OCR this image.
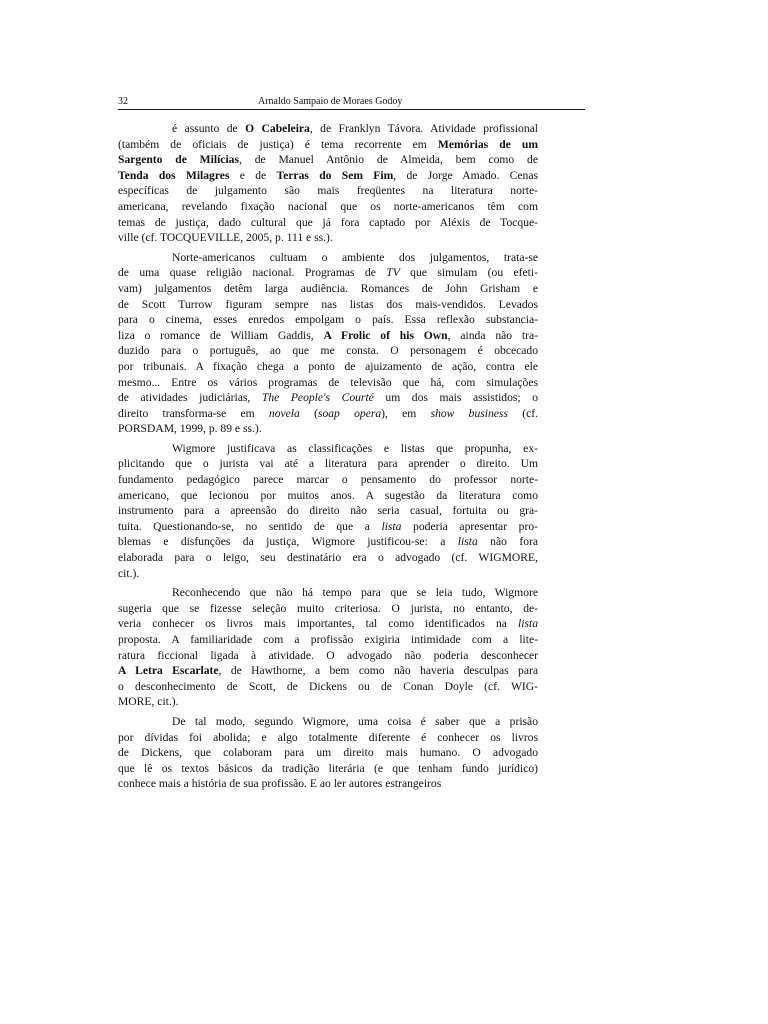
32	Arnaldo Sampaio de Moraes Godoy
é assunto de O Cabeleira, de Franklyn Távora. Atividade profissional
(também de oficiais de justiça) é tema recorrente em Memórias de um
Sargento de Milícias, de Manuel Antônio de Almeida, bem como de
Tenda dos Milagres e de Terras do Sem Fim, de Jorge Amado. Cenas
específicas de julgamento são mais freqüentes na literatura norte-
americana, revelando fixação nacional que os norte-americanos têm com
temas de justiça, dado cultural que já fora captado por Aléxis de Tocque-
ville (cf. TOCQUEVILLE, 2005, p. 111 e ss.).
Norte-americanos cultuam o ambiente dos julgamentos, trata-se
de uma quase religião nacional. Programas de TV que simulam (ou efeti-
vam) julgamentos detêm larga audiência. Romances de John Grisham e
de Scott Turrow figuram sempre nas listas dos mais-vendidos. Levados
para o cinema, esses enredos empolgam o país. Essa reflexão substancia-
liza o romance de William Gaddis, A Frolic of his Own, ainda não tra-
duzido para o português, ao que me consta. O personagem é obcecado
por tribunais. A fixação chega a ponto de ajuizamento de ação, contra ele
mesmo... Entre os vários programas de televisão que há, com simulações
de atividades judiciárias, The People's Courté um dos mais assistidos; o
direito transforma-se em novela (soap opera), em show business (cf.
PORSDAM, 1999, p. 89 e ss.).
Wigmore justificava as classificações e listas que propunha, ex-
plicitando que o jurista vai até a literatura para aprender o direito. Um
fundamento pedagógico parece marcar o pensamento do professor norte-
americano, que lecionou por muitos anos. A sugestão da literatura como
instrumento para a apreensão do direito não seria casual, fortuita ou gra-
tuita. Questionando-se, no sentido de que a lista poderia apresentar pro-
blemas e disfunções da justiça, Wigmore justificou-se: a lista não fora
elaborada para o leigo, seu destinatário era o advogado (cf. WIGMORE,
cit.).
Reconhecendo que não há tempo para que se leia tudo, Wigmore
sugeria que se fizesse seleção muito criteriosa. O jurista, no entanto, de-
veria conhecer os livros mais importantes, tal como identificados na lista
proposta. A familiaridade com a profissão exigiria intimidade com a lite-
ratura ficcional ligada à atividade. O advogado não poderia desconhecer
A Letra Escarlate, de Hawthorne, a bem como não haveria desculpas para
o desconhecimento de Scott, de Dickens ou de Conan Doyle (cf. WIG-
MORE, cit.).
De tal modo, segundo Wigmore, uma coisa é saber que a prisão
por dívidas foi abolida; e algo totalmente diferente é conhecer os livros
de Dickens, que colaboram para um direito mais humano. O advogado
que lê os textos básicos da tradição literária (e que tenham fundo jurídico)
conhece mais a história de sua profissão. E ao ler autores estrangeiros
